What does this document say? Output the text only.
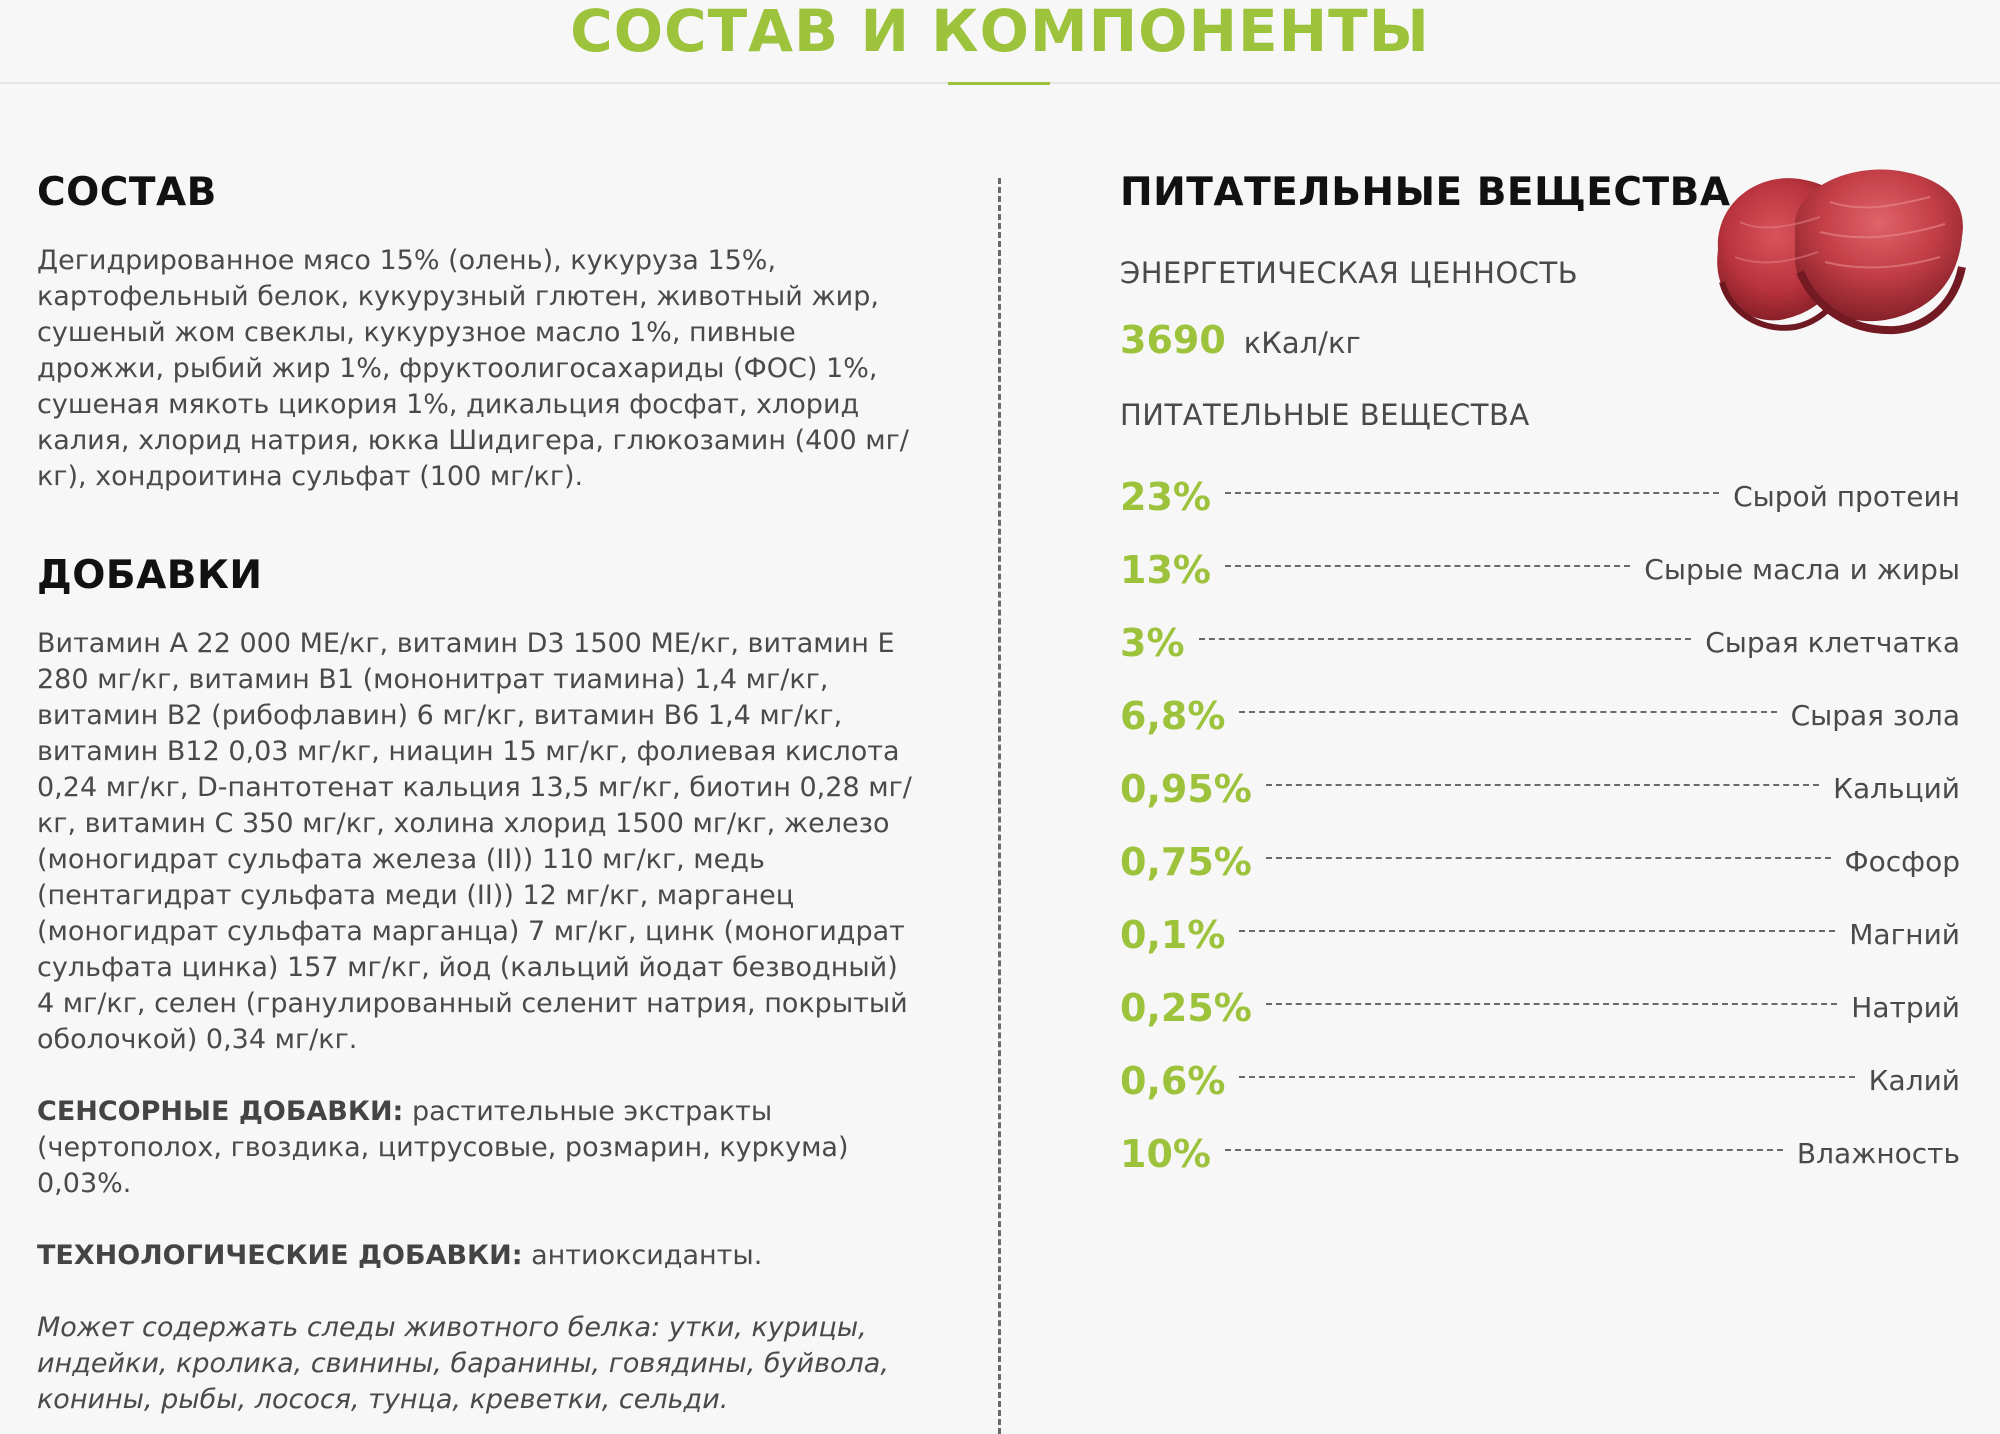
СОСТАВ И КОМПОНЕНТЫ
СОСТАВ

Дегидрированное мясо 15% (олень), кукуруза 15%, картофельный белок, кукурузный глютен, животный жир, сушеный жом свеклы, кукурузное масло 1%, пивные дрожжи, рыбий жир 1%, фруктоолигосахариды (ФОС) 1%, сушеная мякоть цикория 1%, дикальция фосфат, хлорид калия, хлорид натрия, юкка Шидигера, глюкозамин (400 мг/кг), хондроитина сульфат (100 мг/кг).

ДОБАВКИ

Витамин A 22 000 МЕ/кг, витамин D3 1500 МЕ/кг, витамин E 280 мг/кг, витамин B1 (мононитрат тиамина) 1,4 мг/кг, витамин B2 (рибофлавин) 6 мг/кг, витамин B6 1,4 мг/кг, витамин B12 0,03 мг/кг, ниацин 15 мг/кг, фолиевая кислота 0,24 мг/кг, D-пантотенат кальция 13,5 мг/кг, биотин 0,28 мг/кг, витамин C 350 мг/кг, холина хлорид 1500 мг/кг, железо (моногидрат сульфата железа (II)) 110 мг/кг, медь (пентагидрат сульфата меди (II)) 12 мг/кг, марганец (моногидрат сульфата марганца) 7 мг/кг, цинк (моногидрат сульфата цинка) 157 мг/кг, йод (кальций йодат безводный) 4 мг/кг, селен (гранулированный селенит натрия, покрытый оболочкой) 0,34 мг/кг.

СЕНСОРНЫЕ ДОБАВКИ: растительные экстракты (чертополох, гвоздика, цитрусовые, розмарин, куркума) 0,03%.

ТЕХНОЛОГИЧЕСКИЕ ДОБАВКИ: антиоксиданты.

Может содержать следы животного белка: утки, курицы, индейки, кролика, свинины, баранины, говядины, буйвола, конины, рыбы, лосося, тунца, креветки, сельди.

ПИТАТЕЛЬНЫЕ ВЕЩЕСТВА
ЭНЕРГЕТИЧЕСКАЯ ЦЕННОСТЬ
3690 кКал/кг
ПИТАТЕЛЬНЫЕ ВЕЩЕСТВА
23%	Сырой протеин
13%	Сырые масла и жиры
3%	Сырая клетчатка
6,8%	Сырая зола
0,95%	Кальций
0,75%	Фосфор
0,1%	Магний
0,25%	Натрий
0,6%	Калий
10%	Влажность
